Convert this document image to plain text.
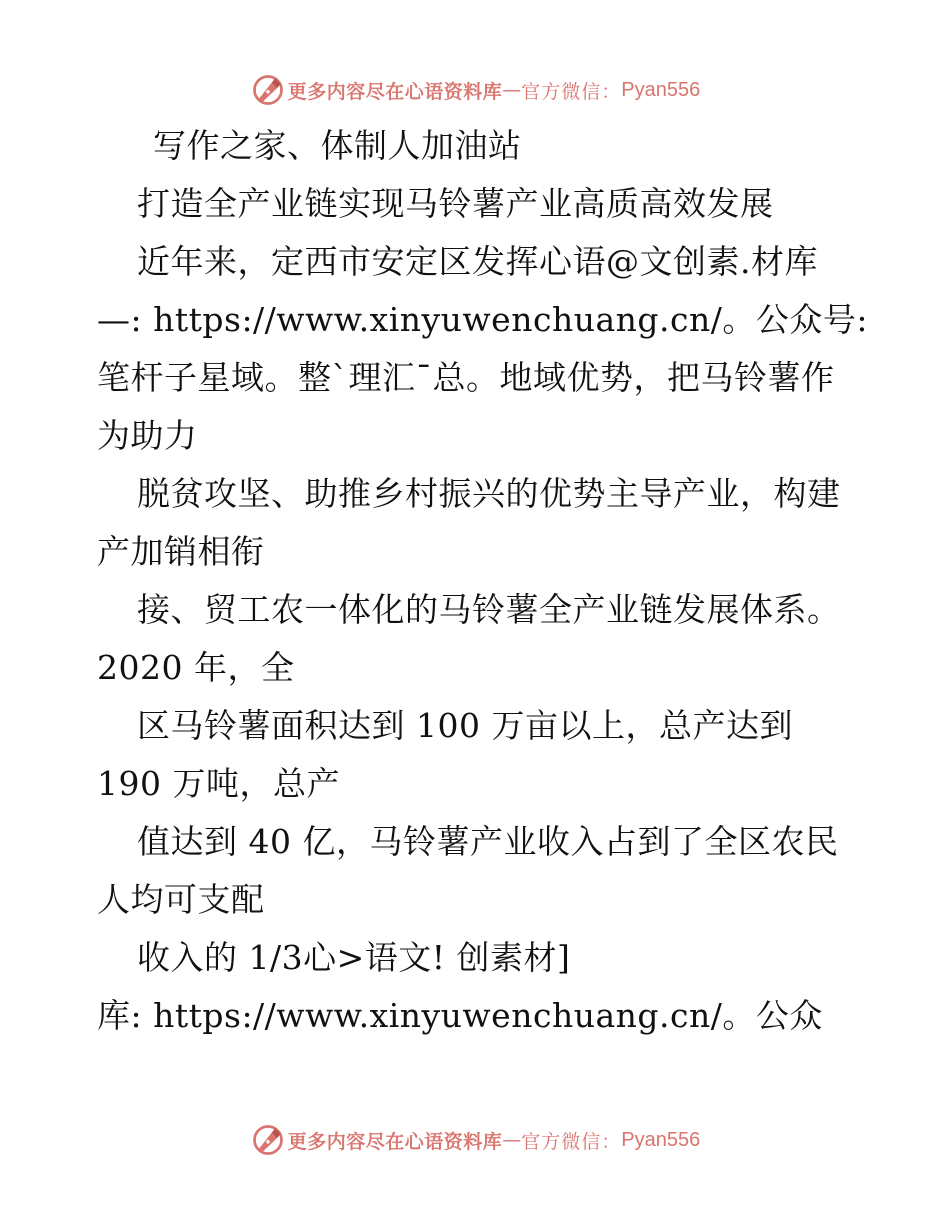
更多内容尽在心语资料库 — 官方微信： Pyan556
写作之家、体制人加油站
打造全产业链实现马铃薯产业高质高效发展
近年来，定西市安定区发挥心语@文创素.材库
—: https://www.xinyuwenchuang.cn/。公众号:
笔杆子星域。整`理汇¯总。地域优势，把马铃薯作
为助力
脱贫攻坚、助推乡村振兴的优势主导产业，构建
产加销相衔
接、贸工农一体化的马铃薯全产业链发展体系。
2020 年，全
区马铃薯面积达到 100 万亩以上，总产达到
190 万吨，总产
值达到 40 亿，马铃薯产业收入占到了全区农民
人均可支配
收入的 1/3心>语文! 创素材]
库: https://www.xinyuwenchuang.cn/。公众
更多内容尽在心语资料库 — 官方微信： Pyan556
